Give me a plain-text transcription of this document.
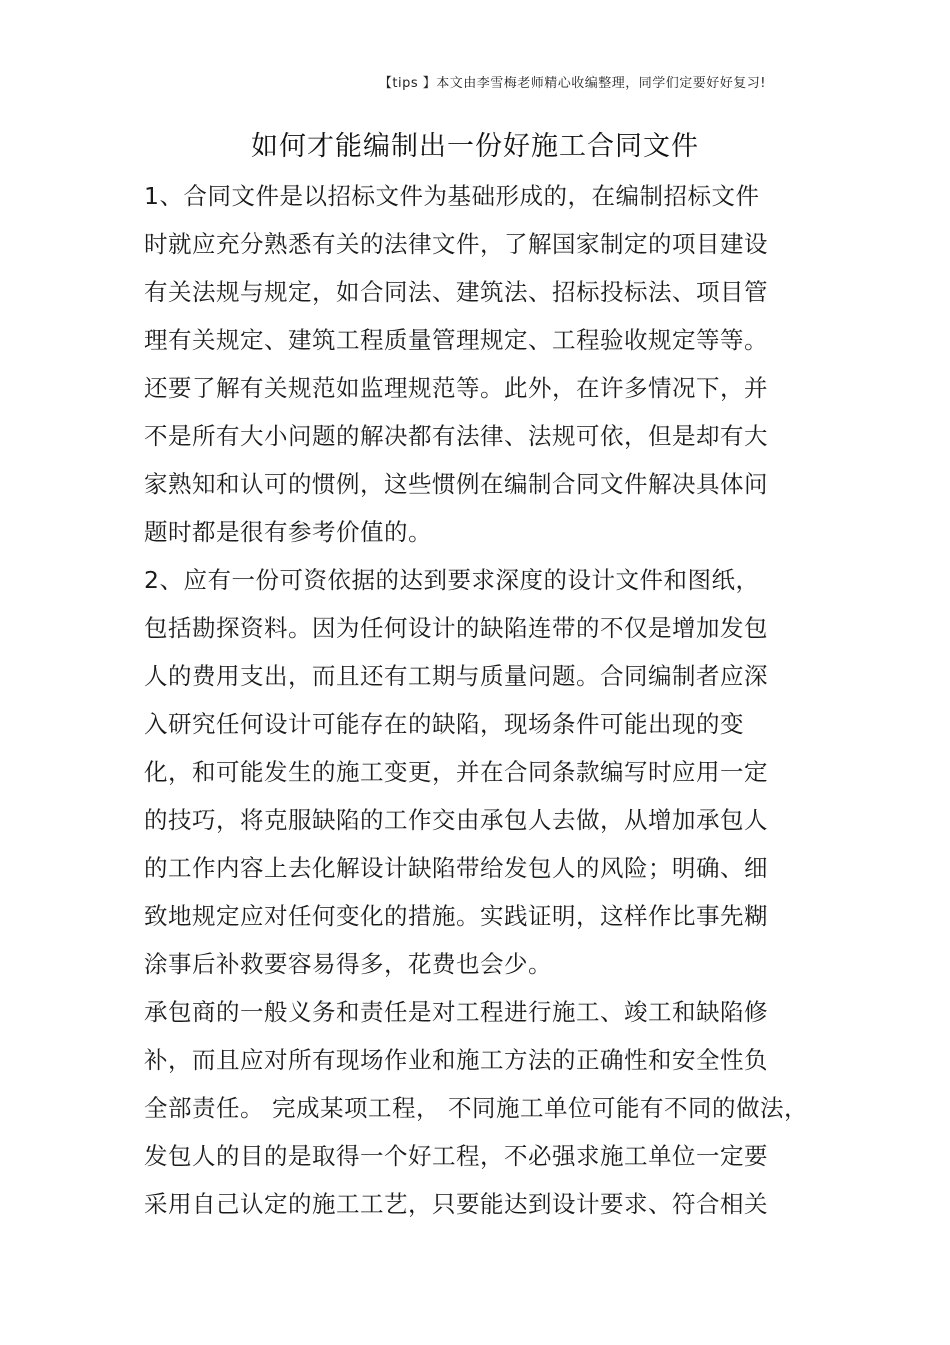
【tips 】本文由李雪梅老师精心收编整理，同学们定要好好复习!
如何才能编制出一份好施工合同文件
1、合同文件是以招标文件为基础形成的，在编制招标文件
时就应充分熟悉有关的法律文件，了解国家制定的项目建设
有关法规与规定，如合同法、建筑法、招标投标法、项目管
理有关规定、建筑工程质量管理规定、工程验收规定等等。
还要了解有关规范如监理规范等。此外，在许多情况下，并
不是所有大小问题的解决都有法律、法规可依，但是却有大
家熟知和认可的惯例，这些惯例在编制合同文件解决具体问
题时都是很有参考价值的。
2、应有一份可资依据的达到要求深度的设计文件和图纸，
包括勘探资料。因为任何设计的缺陷连带的不仅是增加发包
人的费用支出，而且还有工期与质量问题。合同编制者应深
入研究任何设计可能存在的缺陷，现场条件可能出现的变
化，和可能发生的施工变更，并在合同条款编写时应用一定
的技巧，将克服缺陷的工作交由承包人去做，从增加承包人
的工作内容上去化解设计缺陷带给发包人的风险；明确、细
致地规定应对任何变化的措施。实践证明，这样作比事先糊
涂事后补救要容易得多，花费也会少。
承包商的一般义务和责任是对工程进行施工、竣工和缺陷修
补，而且应对所有现场作业和施工方法的正确性和安全性负
全部责任。 完成某项工程， 不同施工单位可能有不同的做法，
发包人的目的是取得一个好工程，不必强求施工单位一定要
采用自己认定的施工工艺，只要能达到设计要求、符合相关
